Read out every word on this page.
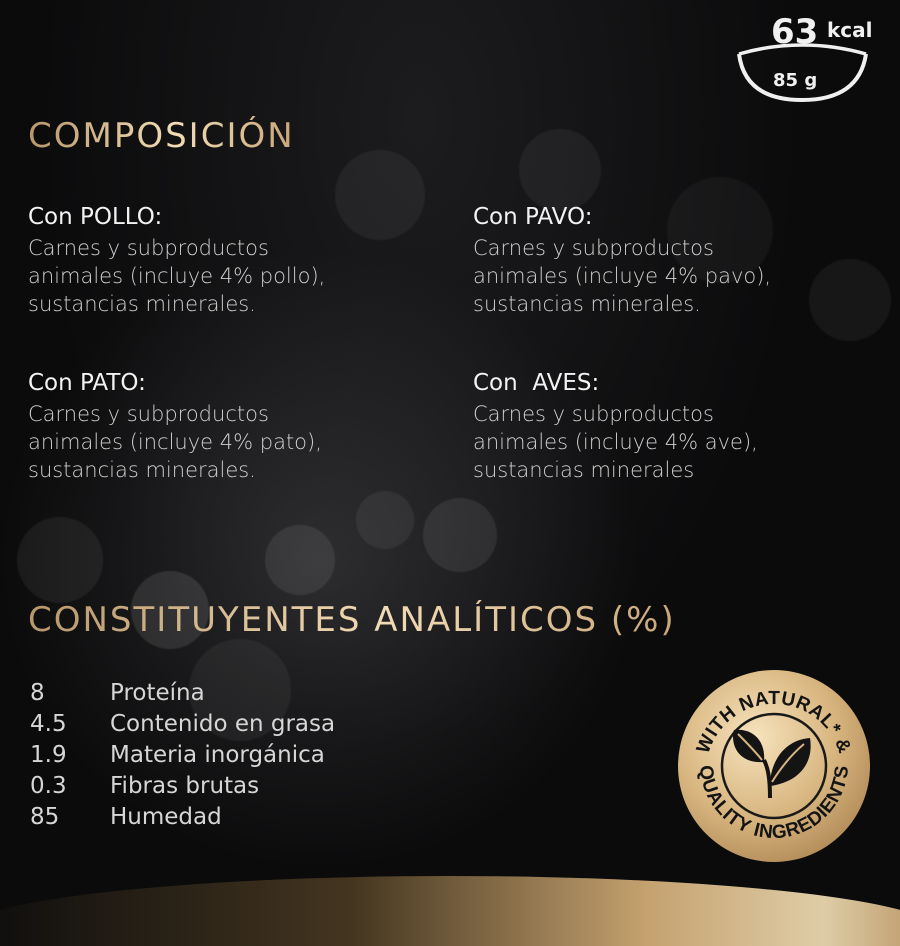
63 kcal
85 g
COMPOSICIÓN
Con POLLO:
Carnes y subproductos
animales (incluye 4% pollo),
sustancias minerales.
Con PAVO:
Carnes y subproductos
animales (incluye 4% pavo),
sustancias minerales.
Con PATO:
Carnes y subproductos
animales (incluye 4% pato),
sustancias minerales.
Con  AVES:
Carnes y subproductos
animales (incluye 4% ave),
sustancias minerales
CONSTITUYENTES ANALÍTICOS (%)
8	Proteína
4.5	Contenido en grasa
1.9	Materia inorgánica
0.3	Fibras brutas
85	Humedad
WITH NATURAL* &
QUALITY INGREDIENTS
